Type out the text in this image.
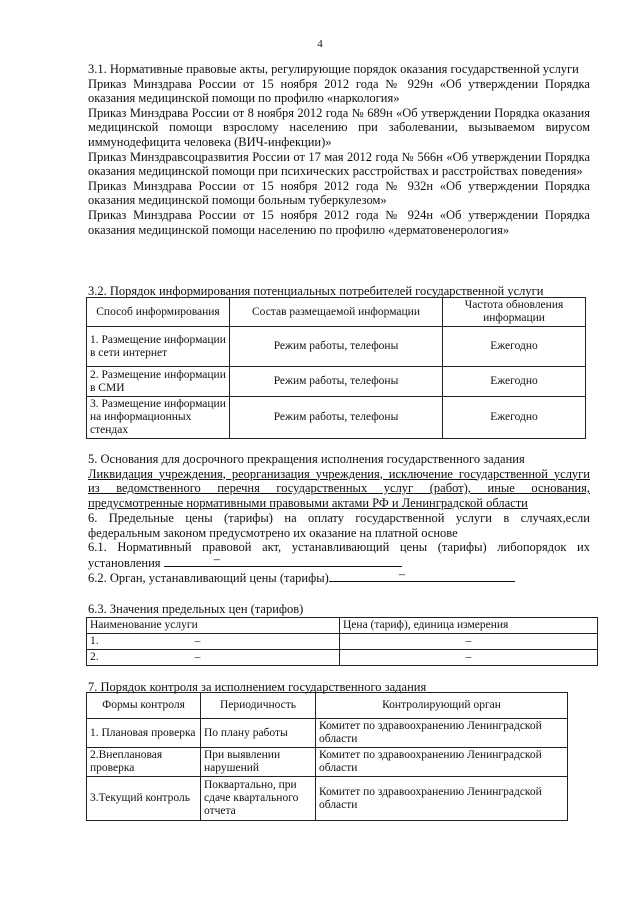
4
3.1. Нормативные правовые акты, регулирующие порядок оказания государственной услуги
Приказ Минздрава России от 15 ноября 2012 года № 929н «Об утверждении Порядка оказания медицинской помощи по профилю «наркология»
Приказ Минздрава России от 8 ноября 2012 года № 689н «Об утверждении Порядка оказания медицинской помощи взрослому населению при заболевании, вызываемом вирусом иммунодефицита человека (ВИЧ-инфекции)»
Приказ Минздравсоцразвития России от 17 мая 2012 года № 566н «Об утверждении Порядка оказания медицинской помощи при психических расстройствах и расстройствах поведения»
Приказ Минздрава России от 15 ноября 2012 года № 932н «Об утверждении Порядка оказания медицинской помощи больным туберкулезом»
Приказ Минздрава России от 15 ноября 2012 года № 924н «Об утверждении Порядка оказания медицинской помощи населению по профилю «дерматовенерология»
3.2. Порядок информирования потенциальных потребителей государственной услуги
Способ информирования	Состав размещаемой информации	Частота обновления информации
1. Размещение информации в сети интернет	Режим работы, телефоны	Ежегодно
2. Размещение информации в СМИ	Режим работы, телефоны	Ежегодно
3. Размещение информации на информационных стендах	Режим работы, телефоны	Ежегодно
5. Основания для досрочного прекращения исполнения государственного задания
Ликвидация учреждения, реорганизация учреждения, исключение государственной услуги
из ведомственного перечня государственных услуг (работ), иные основания,
предусмотренные нормативными правовыми актами РФ и Ленинградской области
6. Предельные цены (тарифы) на оплату государственной услуги в случаях,если
федеральным законом предусмотрено их оказание на платной основе
6.1. Нормативный правовой акт, устанавливающий цены (тарифы) либопорядок их
установления	–
6.2. Орган, устанавливающий цены (тарифы)	–
6.3. Значения предельных цен (тарифов)
Наименование услуги	Цена (тариф), единица измерения
1. –	–
2. –	–
7. Порядок контроля за исполнением государственного задания
Формы контроля	Периодичность	Контролирующий орган
1. Плановая проверка	По плану работы	Комитет по здравоохранению Ленинградской области
2.Внеплановая проверка	При выявлении нарушений	Комитет по здравоохранению Ленинградской области
3.Текущий контроль	Поквартально, при сдаче квартального отчета	Комитет по здравоохранению Ленинградской области
